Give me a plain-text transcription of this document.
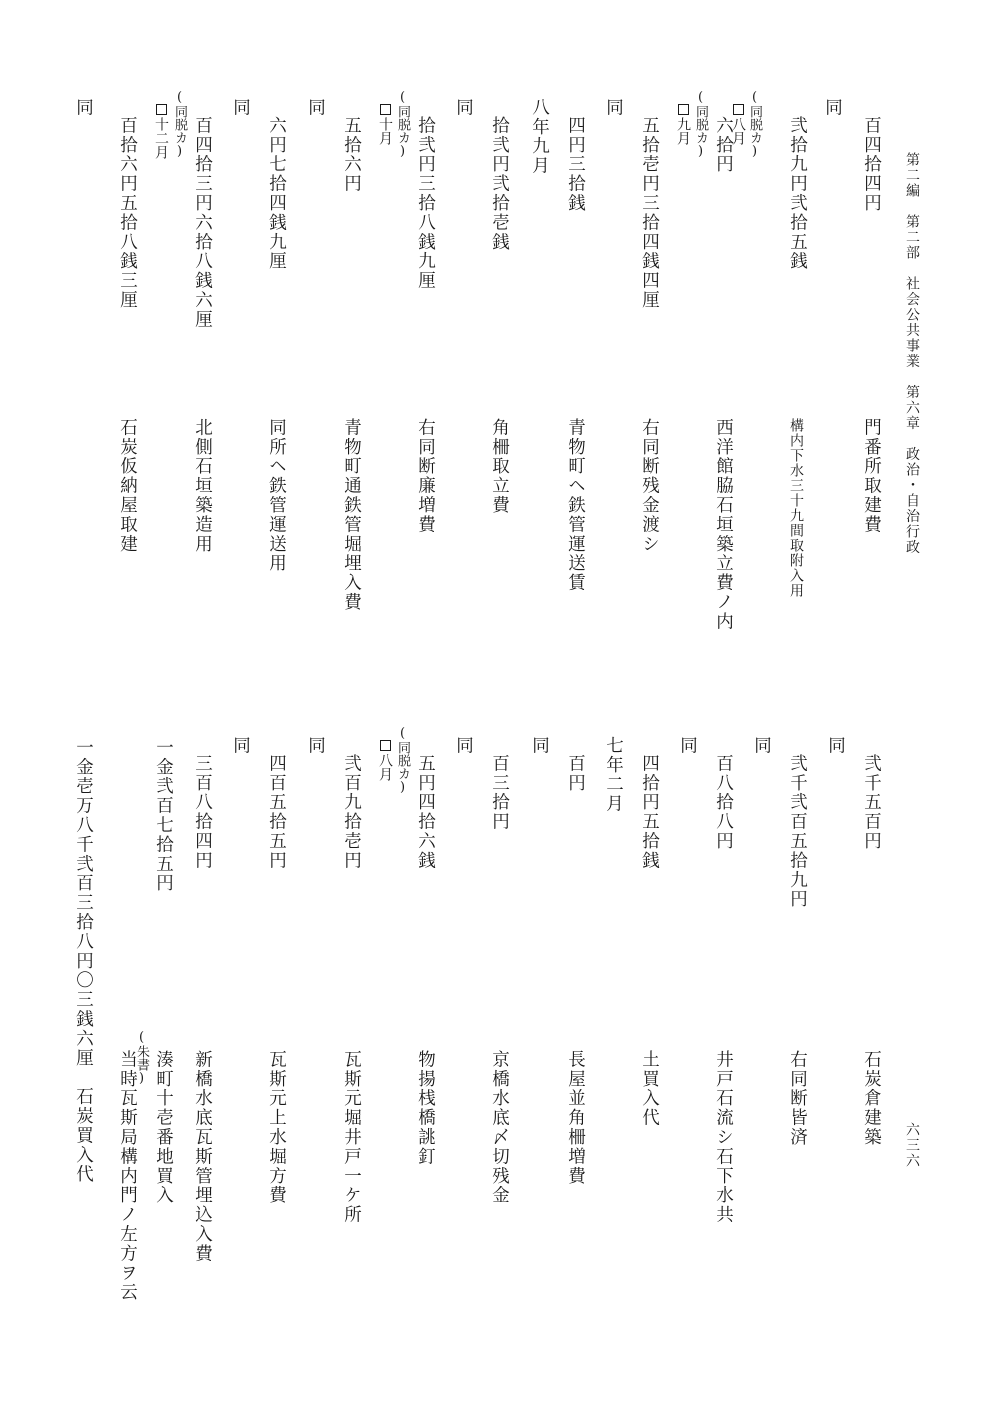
第二編　第二部　社会公共事業　第六章　政治・自治行政
六三六
百四拾四円
門番所取建費
同
弐拾九円弐拾五銭
構内下水三十九間取附入用
(同脱カ)
八月
六拾円
西洋館脇石垣築立費ノ内
(同脱カ)
九月
五拾壱円三拾四銭四厘
右同断残金渡シ
同
四円三拾銭
青物町ヘ鉄管運送賃
八年九月
拾弐円弐拾壱銭
角柵取立費
同
拾弐円三拾八銭九厘
右同断廉増費
(同脱カ)
十月
五拾六円
青物町通鉄管堀埋入費
同
六円七拾四銭九厘
同所ヘ鉄管運送用
同
百四拾三円六拾八銭六厘
北側石垣築造用
(同脱カ)
十二月
百拾六円五拾八銭三厘
石炭仮納屋取建
同
弐千五百円
石炭倉建築
同
弐千弐百五拾九円
右同断皆済
同
百八拾八円
井戸石流シ石下水共
同
四拾円五拾銭
土買入代
七年二月
百円
長屋並角柵増費
同
百三拾円
京橋水底〆切残金
同
五円四拾六銭
物揚桟橋誂釘
(同脱カ)
八月
弐百九拾壱円
瓦斯元堀井戸一ケ所
同
四百五拾五円
瓦斯元上水堀方費
同
三百八拾四円
新橋水底瓦斯管埋込入費
一金弐百七拾五円
湊町十壱番地買入
(朱書)
当時瓦斯局構内門ノ左方ヲ云
一金壱万八千弐百三拾八円〇三銭六厘　石炭買入代
